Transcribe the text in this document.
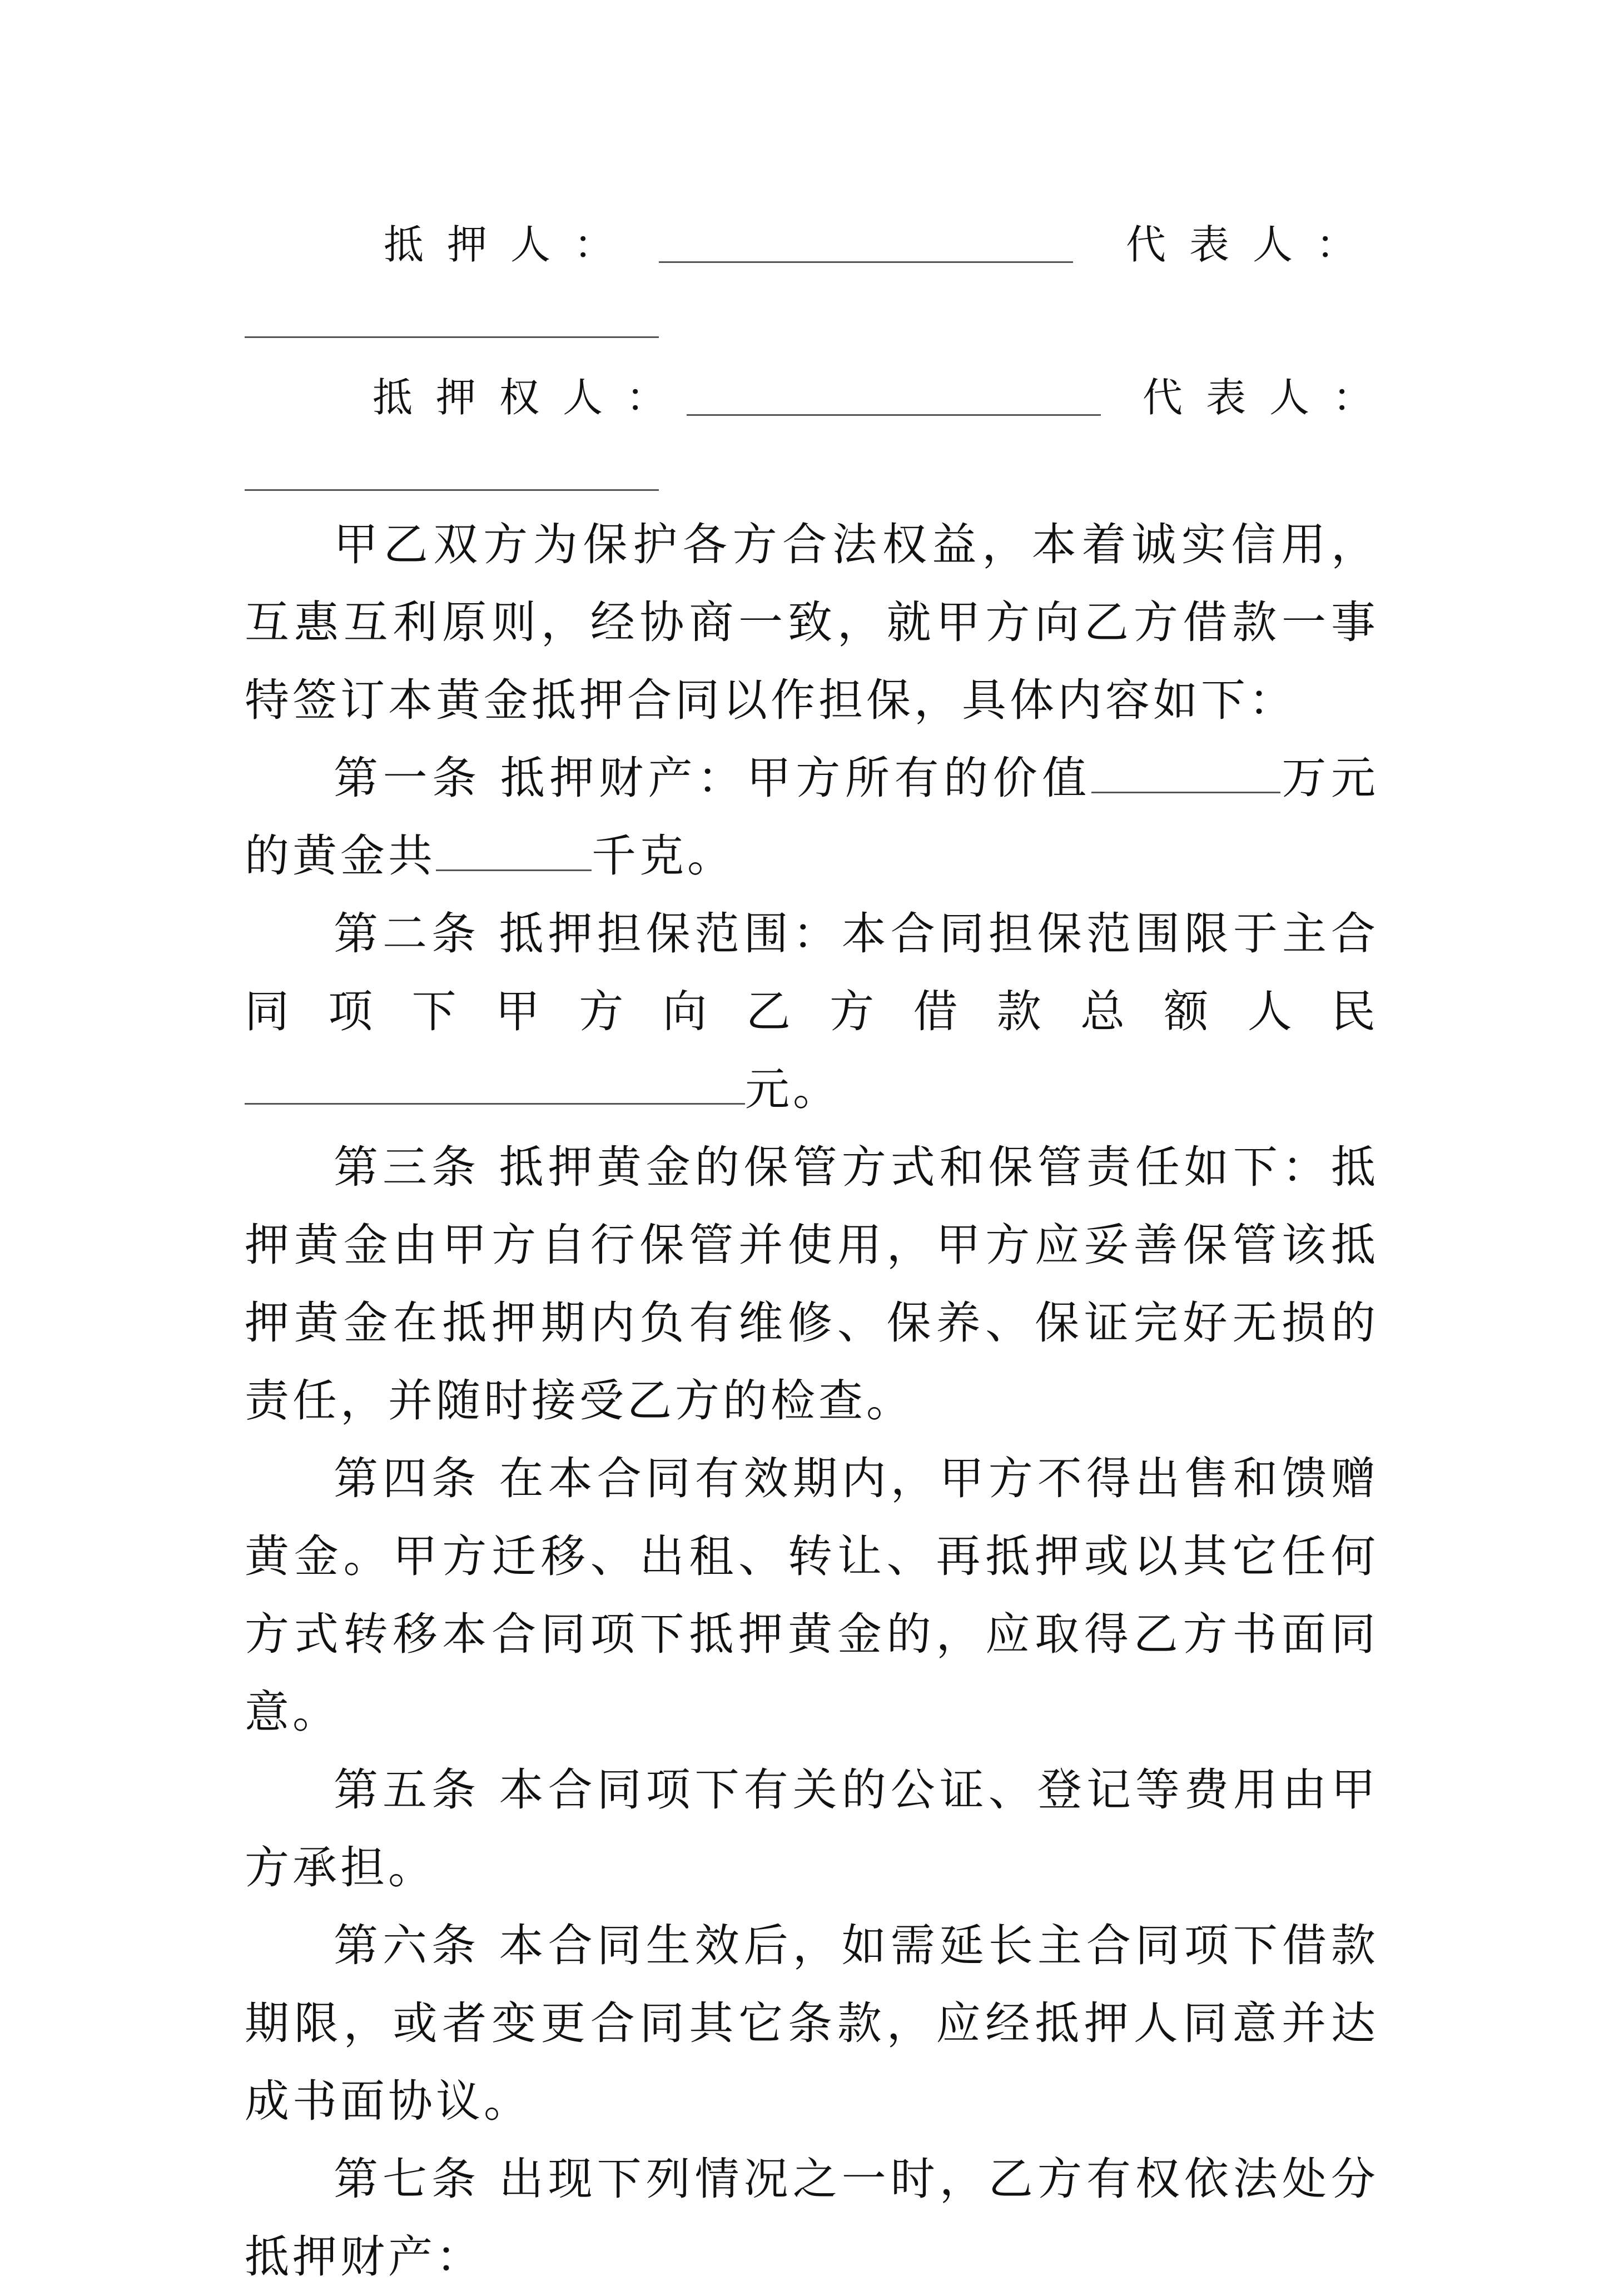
抵押人：	代表人：
抵押权人：	代表人：

甲乙双方为保护各方合法权益，本着诚实信用，互惠互利原则，经协商一致，就甲方向乙方借款一事特签订本黄金抵押合同以作担保，具体内容如下：

第一条 抵押财产：甲方所有的价值	万元的黄金共	千克。

第二条 抵押担保范围：本合同担保范围限于主合同项下甲方向乙方借款总额人民元。

第三条 抵押黄金的保管方式和保管责任如下：抵押黄金由甲方自行保管并使用，甲方应妥善保管该抵押黄金在抵押期内负有维修、保养、保证完好无损的责任，并随时接受乙方的检查。

第四条 在本合同有效期内，甲方不得出售和馈赠黄金。甲方迁移、出租、转让、再抵押或以其它任何方式转移本合同项下抵押黄金的，应取得乙方书面同意。

第五条 本合同项下有关的公证、登记等费用由甲方承担。

第六条 本合同生效后，如需延长主合同项下借款期限，或者变更合同其它条款，应经抵押人同意并达成书面协议。

第七条 出现下列情况之一时，乙方有权依法处分抵押财产：
